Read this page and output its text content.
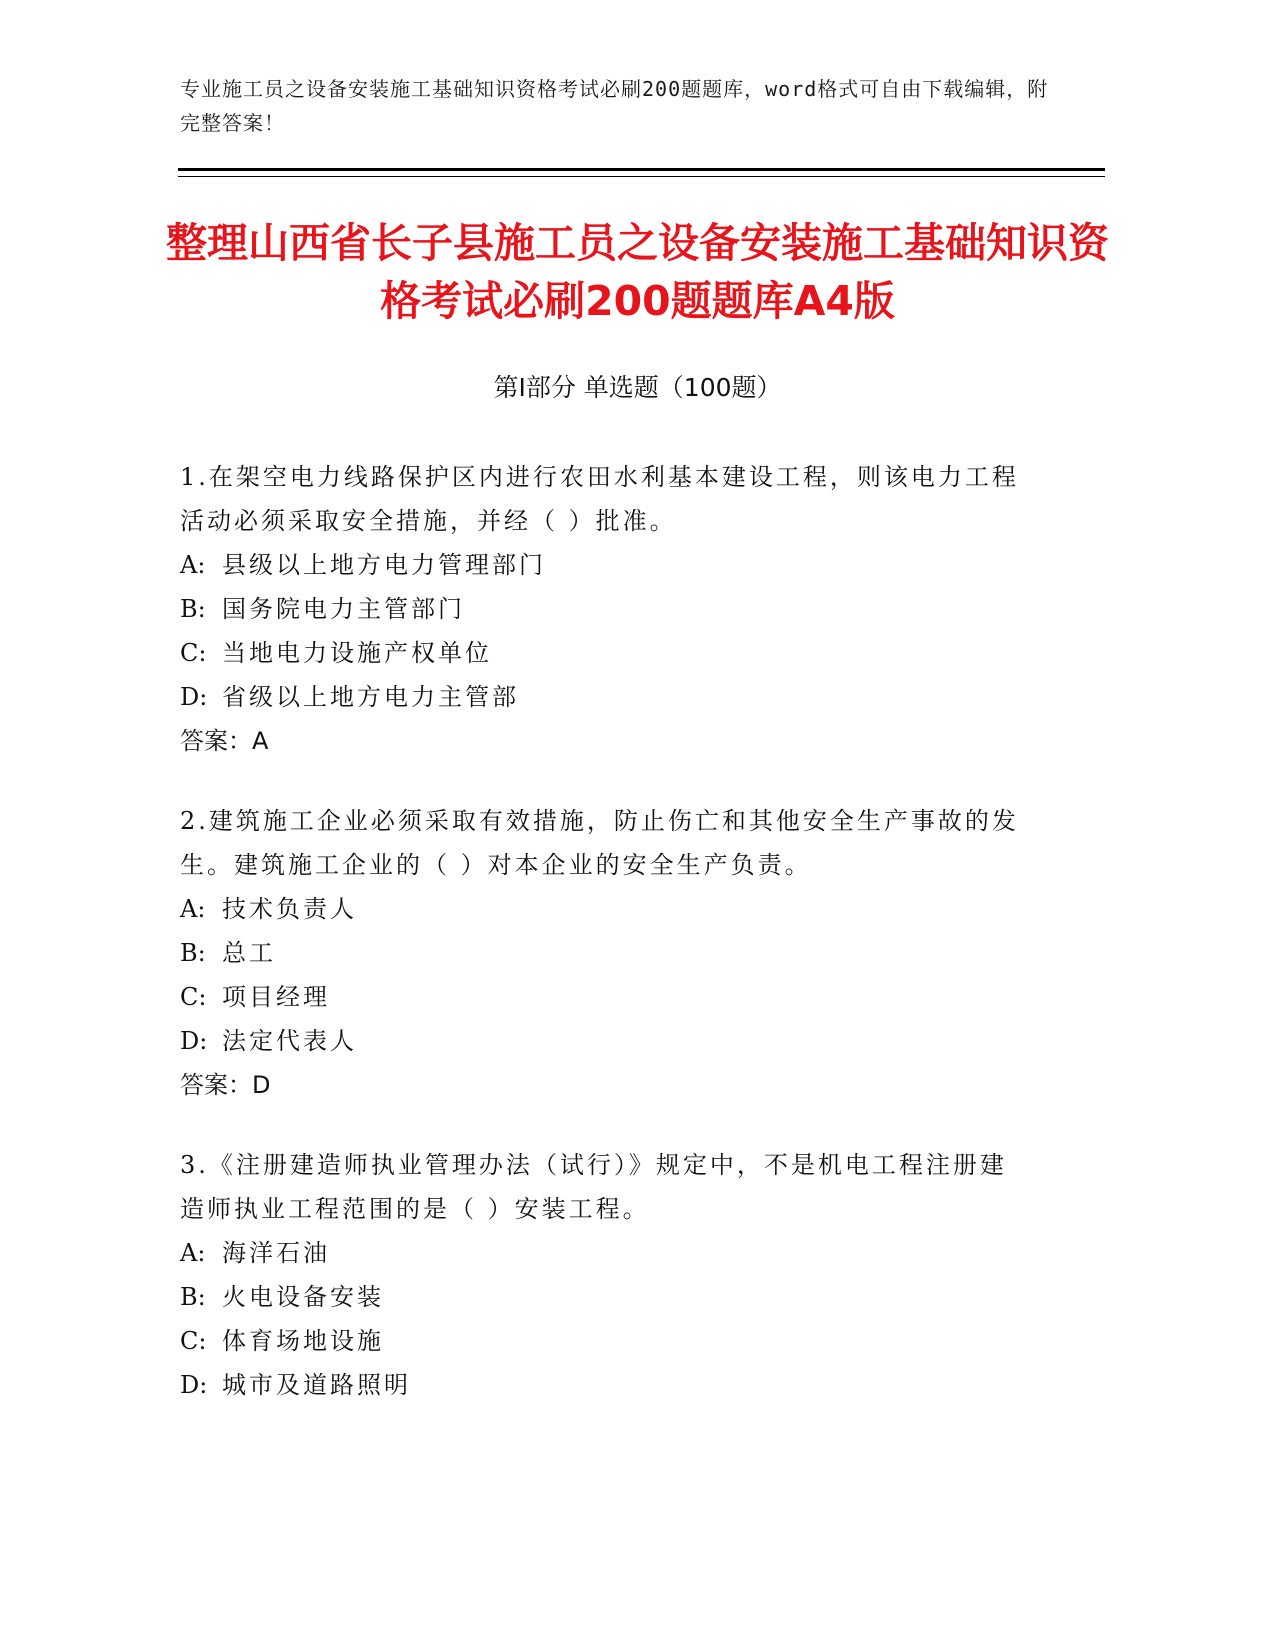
专业施工员之设备安装施工基础知识资格考试必刷200题题库，word格式可自由下载编辑，附完整答案！
整理山西省长子县施工员之设备安装施工基础知识资格考试必刷200题题库A4版
第Ⅰ部分 单选题（100题）

1.在架空电力线路保护区内进行农田水利基本建设工程，则该电力工程活动必须采取安全措施，并经（ ）批准。

A: 县级以上地方电力管理部门

B: 国务院电力主管部门

C: 当地电力设施产权单位

D: 省级以上地方电力主管部

答案：A

2.建筑施工企业必须采取有效措施，防止伤亡和其他安全生产事故的发生。建筑施工企业的（ ）对本企业的安全生产负责。

A: 技术负责人

B: 总工

C: 项目经理

D: 法定代表人

答案：D

3.《注册建造师执业管理办法（试行）》规定中，不是机电工程注册建造师执业工程范围的是（ ）安装工程。

A: 海洋石油

B: 火电设备安装

C: 体育场地设施

D: 城市及道路照明
